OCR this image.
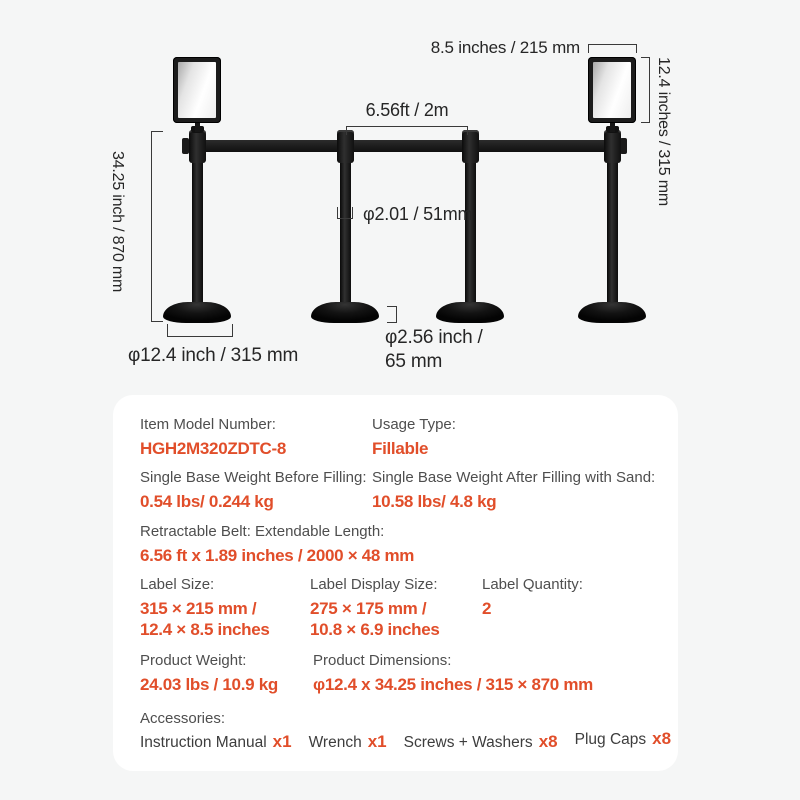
8.5 inches / 215 mm
12.4 inches / 315 mm
6.56ft / 2m
34.25 inch / 870 mm	φ2.01 / 51mm
φ12.4 inch / 315 mm
φ2.56 inch /
65 mm
Item Model Number:
HGH2M320ZDTC-8
Usage Type:
Fillable
Single Base Weight Before Filling:
0.54 lbs/ 0.244 kg
Single Base Weight After Filling with Sand:
10.58 lbs/ 4.8 kg
Retractable Belt: Extendable Length:
6.56 ft x 1.89 inches / 2000 × 48 mm
Label Size:
315 × 215 mm /
12.4 × 8.5 inches
Label Display Size:
275 × 175 mm /
10.8 × 6.9 inches
Label Quantity:
2
Product Weight:
24.03 lbs / 10.9 kg
Product Dimensions:
φ12.4 x 34.25 inches / 315 × 870 mm
Accessories:
Instruction Manual x1 Wrench x1 Screws + Washers x8 Plug Caps x8
